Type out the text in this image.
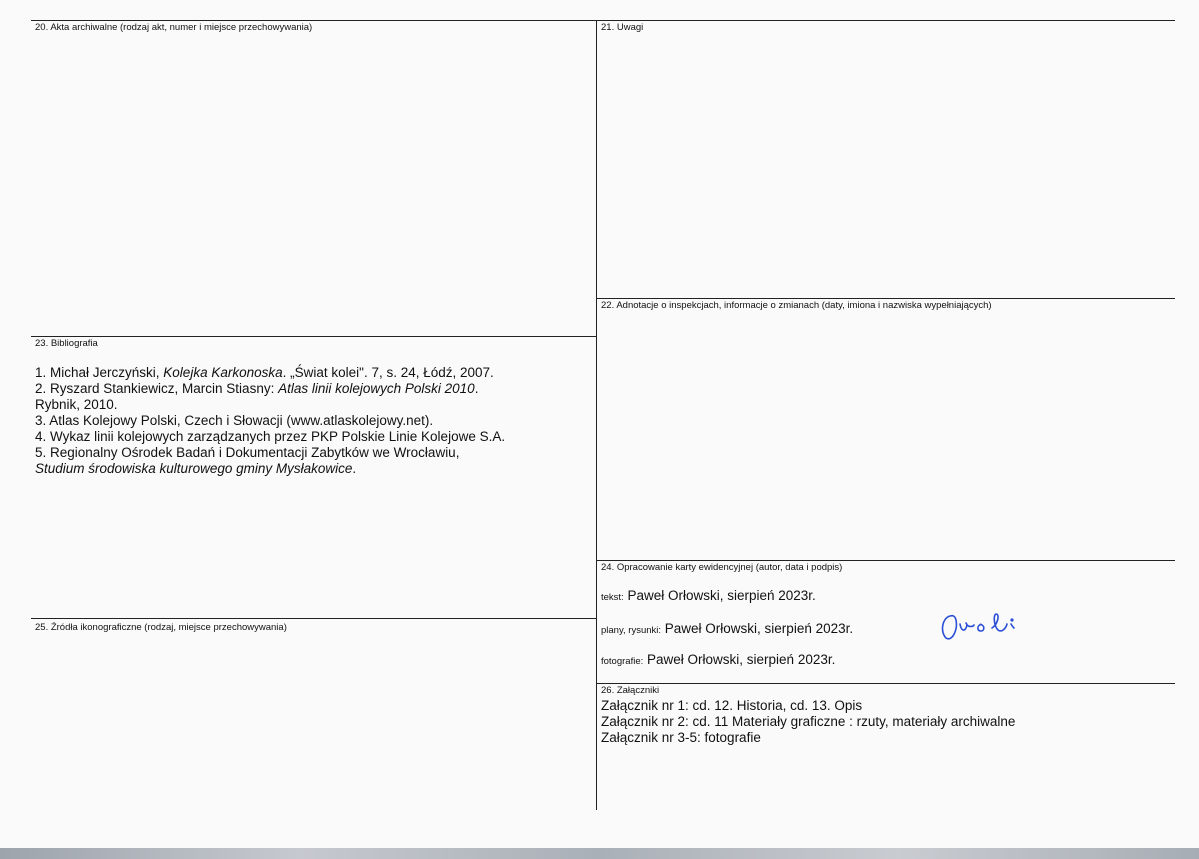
20. Akta archiwalne (rodzaj akt, numer i miejsce przechowywania)	21. Uwagi
22. Adnotacje o inspekcjach, informacje o zmianach (daty, imiona i nazwiska wypełniających)
23. Bibliografia
1. Michał Jerczyński, Kolejka Karkonoska. „Świat kolei". 7, s. 24, Łódź, 2007.
2. Ryszard Stankiewicz, Marcin Stiasny: Atlas linii kolejowych Polski 2010.
Rybnik, 2010.
3. Atlas Kolejowy Polski, Czech i Słowacji (www.atlaskolejowy.net).
4. Wykaz linii kolejowych zarządzanych przez PKP Polskie Linie Kolejowe S.A.
5. Regionalny Ośrodek Badań i Dokumentacji Zabytków we Wrocławiu,
Studium środowiska kulturowego gminy Mysłakowice.
24. Opracowanie karty ewidencyjnej (autor, data i podpis)
tekst: Paweł Orłowski, sierpień 2023r.
plany, rysunki: Paweł Orłowski, sierpień 2023r.
fotografie: Paweł Orłowski, sierpień 2023r.
25. Źródła ikonograficzne (rodzaj, miejsce przechowywania)
26. Załączniki
Załącznik nr 1: cd. 12. Historia, cd. 13. Opis
Załącznik nr 2: cd. 11 Materiały graficzne : rzuty, materiały archiwalne
Załącznik nr 3-5: fotografie
